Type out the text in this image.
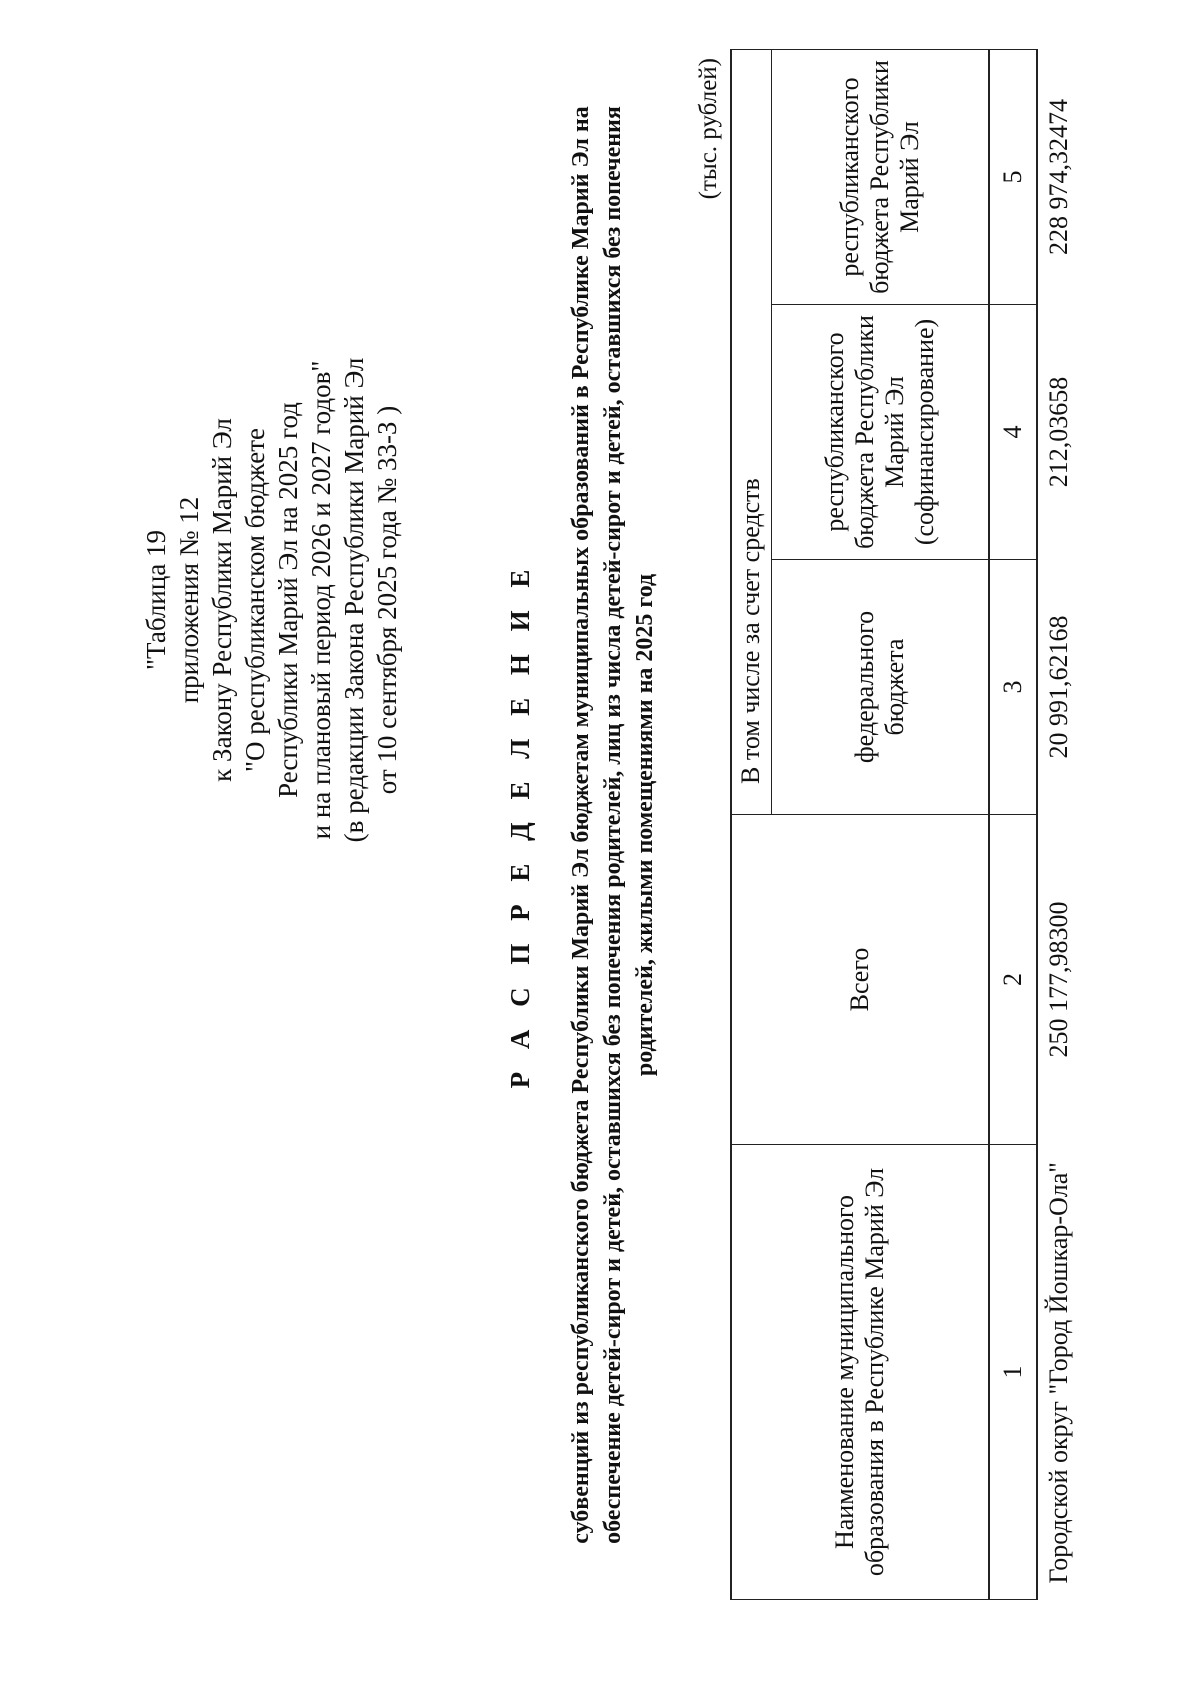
"Таблица 19 приложения № 12 к Закону Республики Марий Эл "О республиканском бюджете Республики Марий Эл на 2025 год и на плановый период 2026 и 2027 годов" (в редакции Закона Республики Марий Эл от 10 сентября 2025 года № 33-З )	Р А С П Р Е Д Е Л Е Н И Е субвенций из республиканского бюджета Республики Марий Эл бюджетам муниципальных образований в Республике Марий Эл на обеспечение детей-сирот и детей, оставшихся без попечения родителей, лиц из числа детей-сирот и детей, оставшихся без попечения родителей, жилыми помещениями на 2025 год
(тыс. рублей)
Наименование муниципального образования в Республике Марий Эл	Всего	В том числе за счет средств		
		федерального бюджета	республиканского бюджета Республики Марий Эл (софинансирование)	республиканского бюджета Республики Марий Эл
1	2	3	4	5
Городской округ "Город Йошкар-Ола"	250 177,98300	20 991,62168	212,03658	228 974,32474
